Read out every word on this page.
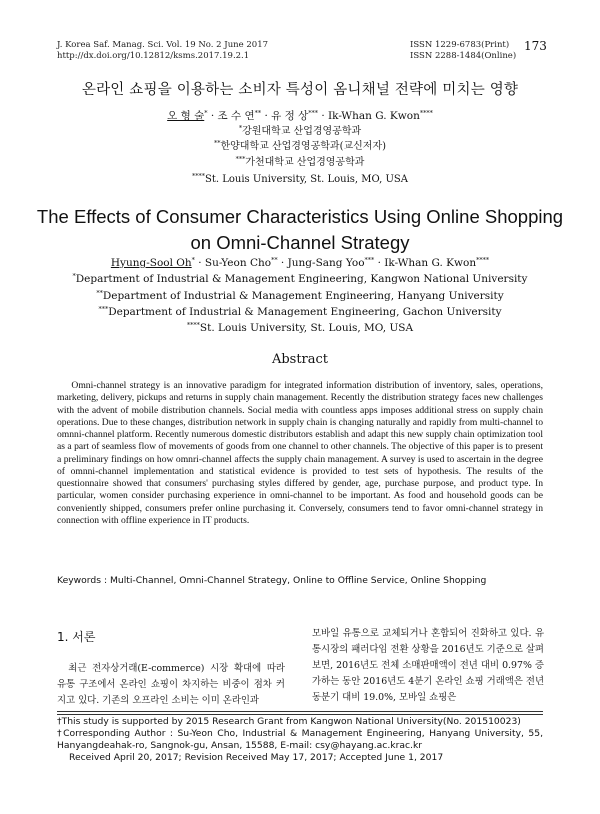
J. Korea Saf. Manag. Sci. Vol. 19 No. 2 June 2017
http://dx.doi.org/10.12812/ksms.2017.19.2.1
ISSN 1229-6783(Print)
ISSN 2288-1484(Online)
173
온라인 쇼핑을 이용하는 소비자 특성이 옴니채널 전략에 미치는 영향
오 형 술* · 조 수 연** · 유 정 상*** · Ik-Whan G. Kwon****
*강원대학교 산업경영공학과
**한양대학교 산업경영공학과(교신저자)
***가천대학교 산업경영공학과
****St. Louis University, St. Louis, MO, USA
The Effects of Consumer Characteristics Using Online Shopping
on Omni-Channel Strategy
Hyung-Sool Oh* · Su-Yeon Cho** · Jung-Sang Yoo*** · Ik-Whan G. Kwon****
*Department of Industrial & Management Engineering, Kangwon National University
**Department of Industrial & Management Engineering, Hanyang University
***Department of Industrial & Management Engineering, Gachon University
****St. Louis University, St. Louis, MO, USA
Abstract
Omni-channel strategy is an innovative paradigm for integrated information distribution of inventory, sales, operations, marketing, delivery, pickups and returns in supply chain management. Recently the distribution strategy faces new challenges with the advent of mobile distribution channels. Social media with countless apps imposes additional stress on supply chain operations. Due to these changes, distribution network in supply chain is changing naturally and rapidly from multi-channel to omnni-channel platform. Recently numerous domestic distributors establish and adapt this new supply chain optimization tool as a part of seamless flow of movements of goods from one channel to other channels. The objective of this paper is to present a preliminary findings on how omnri-channel affects the supply chain management. A survey is used to ascertain in the degree of omnni-channel implementation and statistical evidence is provided to test sets of hypothesis. The results of the questionnaire showed that consumers' purchasing styles differed by gender, age, purchase purpose, and product type. In particular, women consider purchasing experience in omni-channel to be important. As food and household goods can be conveniently shipped, consumers prefer online purchasing it. Conversely, consumers tend to favor omni-channel strategy in connection with offline experience in IT products.
Keywords : Multi-Channel, Omni-Channel Strategy, Online to Offline Service, Online Shopping
1. 서론
최근 전자상거래(E-commerce) 시장 확대에 따라 유통 구조에서 온라인 쇼핑이 차지하는 비중이 점차 커지고 있다. 기존의 오프라인 소비는 이미 온라인과
모바일 유통으로 교체되거나 혼합되어 진화하고 있다. 유통시장의 패러다임 전환 상황을 2016년도 기준으로 살펴보면, 2016년도 전체 소매판매액이 전년 대비 0.97% 증가하는 동안 2016년도 4분기 온라인 쇼핑 거래액은 전년 동분기 대비 19.0%, 모바일 쇼핑은

†This study is supported by 2015 Research Grant from Kangwon National University(No. 201510023)

†Corresponding Author : Su-Yeon Cho, Industrial & Management Engineering, Hanyang University, 55, Hanyangdeahak-ro, Sangnok-gu, Ansan, 15588, E-mail: csy@hayang.ac.krac.kr

Received April 20, 2017; Revision Received May 17, 2017; Accepted June 1, 2017
